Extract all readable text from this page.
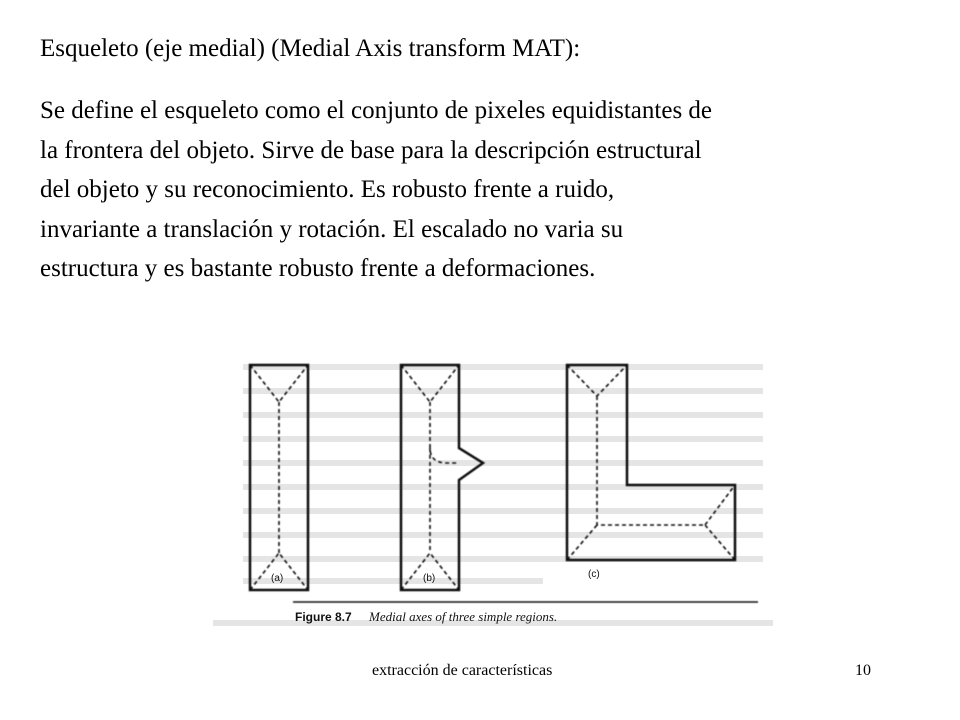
Esqueleto (eje medial) (Medial Axis transform MAT):
Se define el esqueleto como el conjunto de pixeles equidistantes de
la frontera del objeto. Sirve de base para la descripción estructural
del objeto y su reconocimiento. Es robusto frente a ruido,
invariante a translación y rotación. El escalado no varia su
estructura y es bastante robusto frente a deformaciones.
(a)	(b)	(c)
Figure 8.7 Medial axes of three simple regions.
extracción de características	10
